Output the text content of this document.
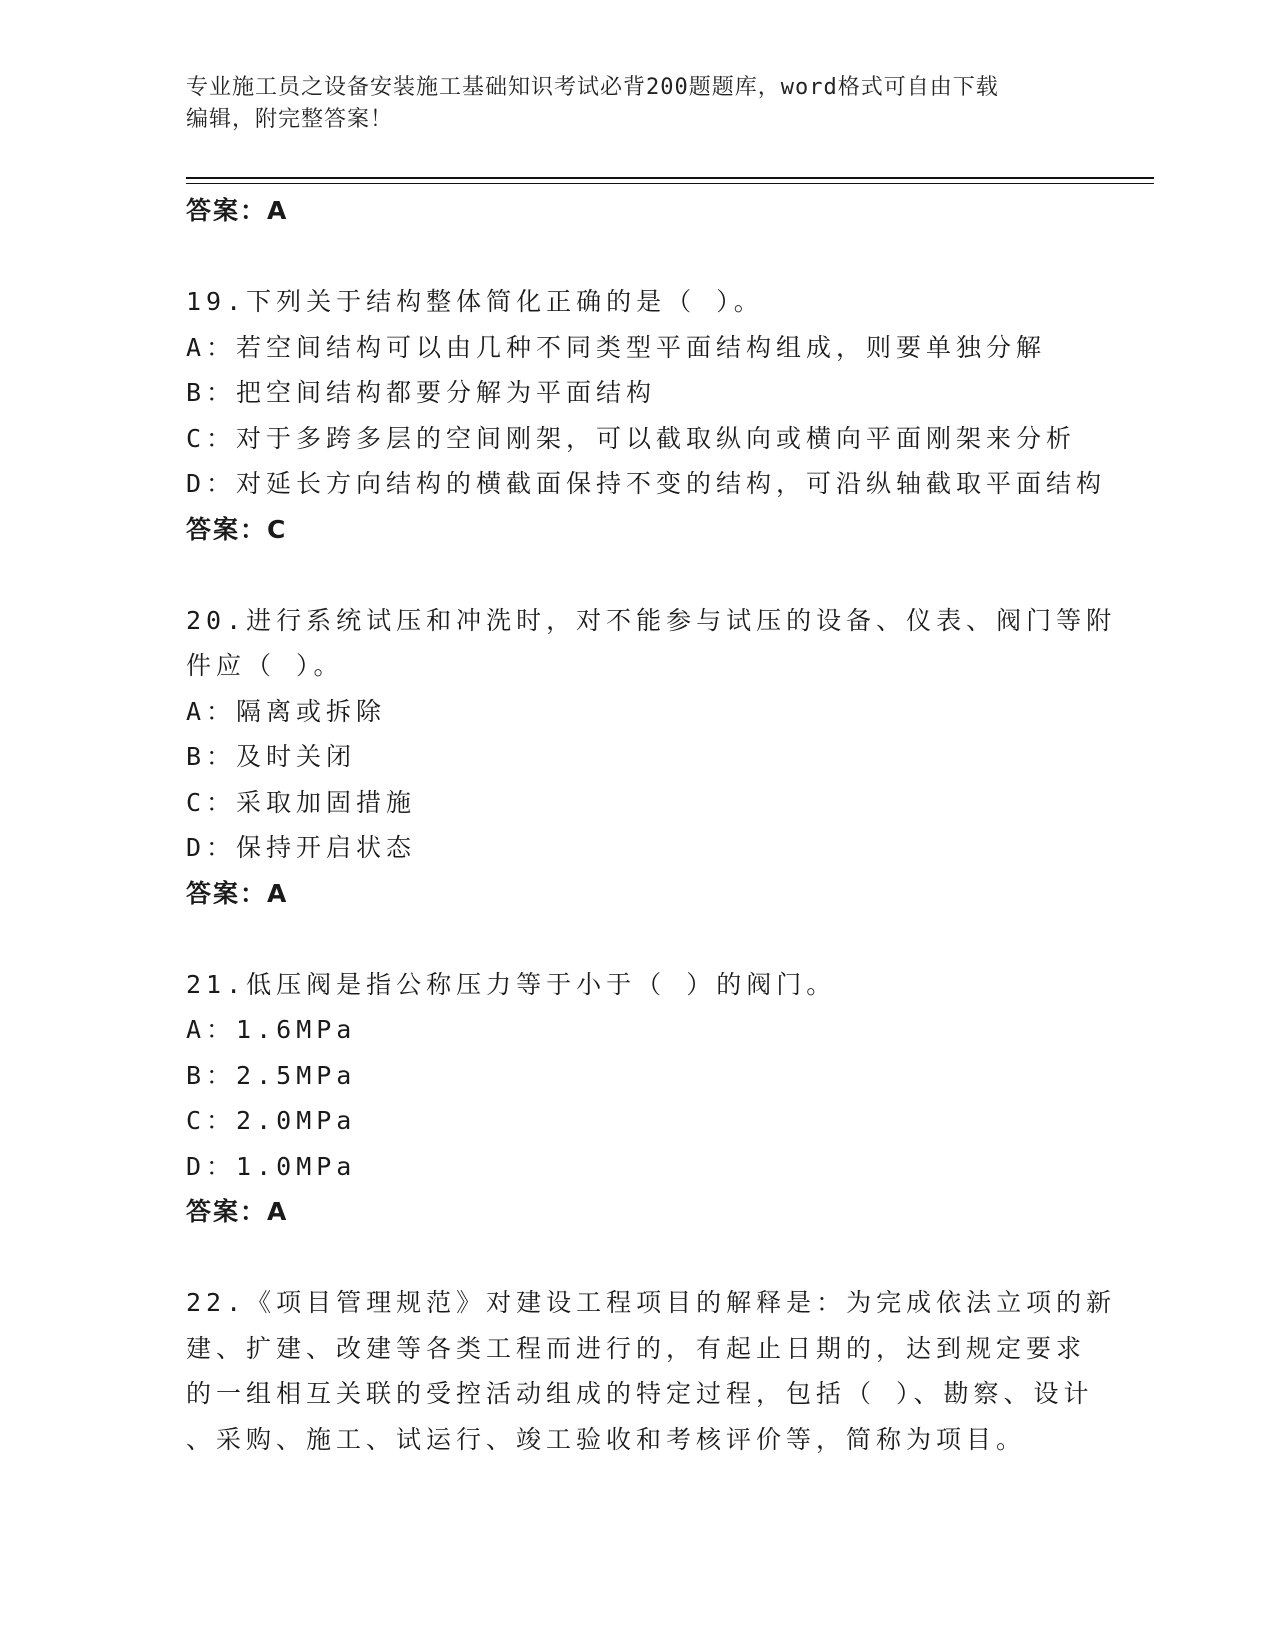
专业施工员之设备安装施工基础知识考试必背200题题库，word格式可自由下载
编辑，附完整答案！
答案：A
19.下列关于结构整体简化正确的是（ ）。
A：若空间结构可以由几种不同类型平面结构组成，则要单独分解
B：把空间结构都要分解为平面结构
C：对于多跨多层的空间刚架，可以截取纵向或横向平面刚架来分析
D：对延长方向结构的横截面保持不变的结构，可沿纵轴截取平面结构
答案：C
20.进行系统试压和冲洗时，对不能参与试压的设备、仪表、阀门等附
件应（ ）。
A：隔离或拆除
B：及时关闭
C：采取加固措施
D：保持开启状态
答案：A
21.低压阀是指公称压力等于小于（ ）的阀门。
A：1.6MPa
B：2.5MPa
C：2.0MPa
D：1.0MPa
答案：A
22.《项目管理规范》对建设工程项目的解释是：为完成依法立项的新
建、扩建、改建等各类工程而进行的，有起止日期的，达到规定要求
的一组相互关联的受控活动组成的特定过程，包括（ ）、勘察、设计
、采购、施工、试运行、竣工验收和考核评价等，简称为项目。
